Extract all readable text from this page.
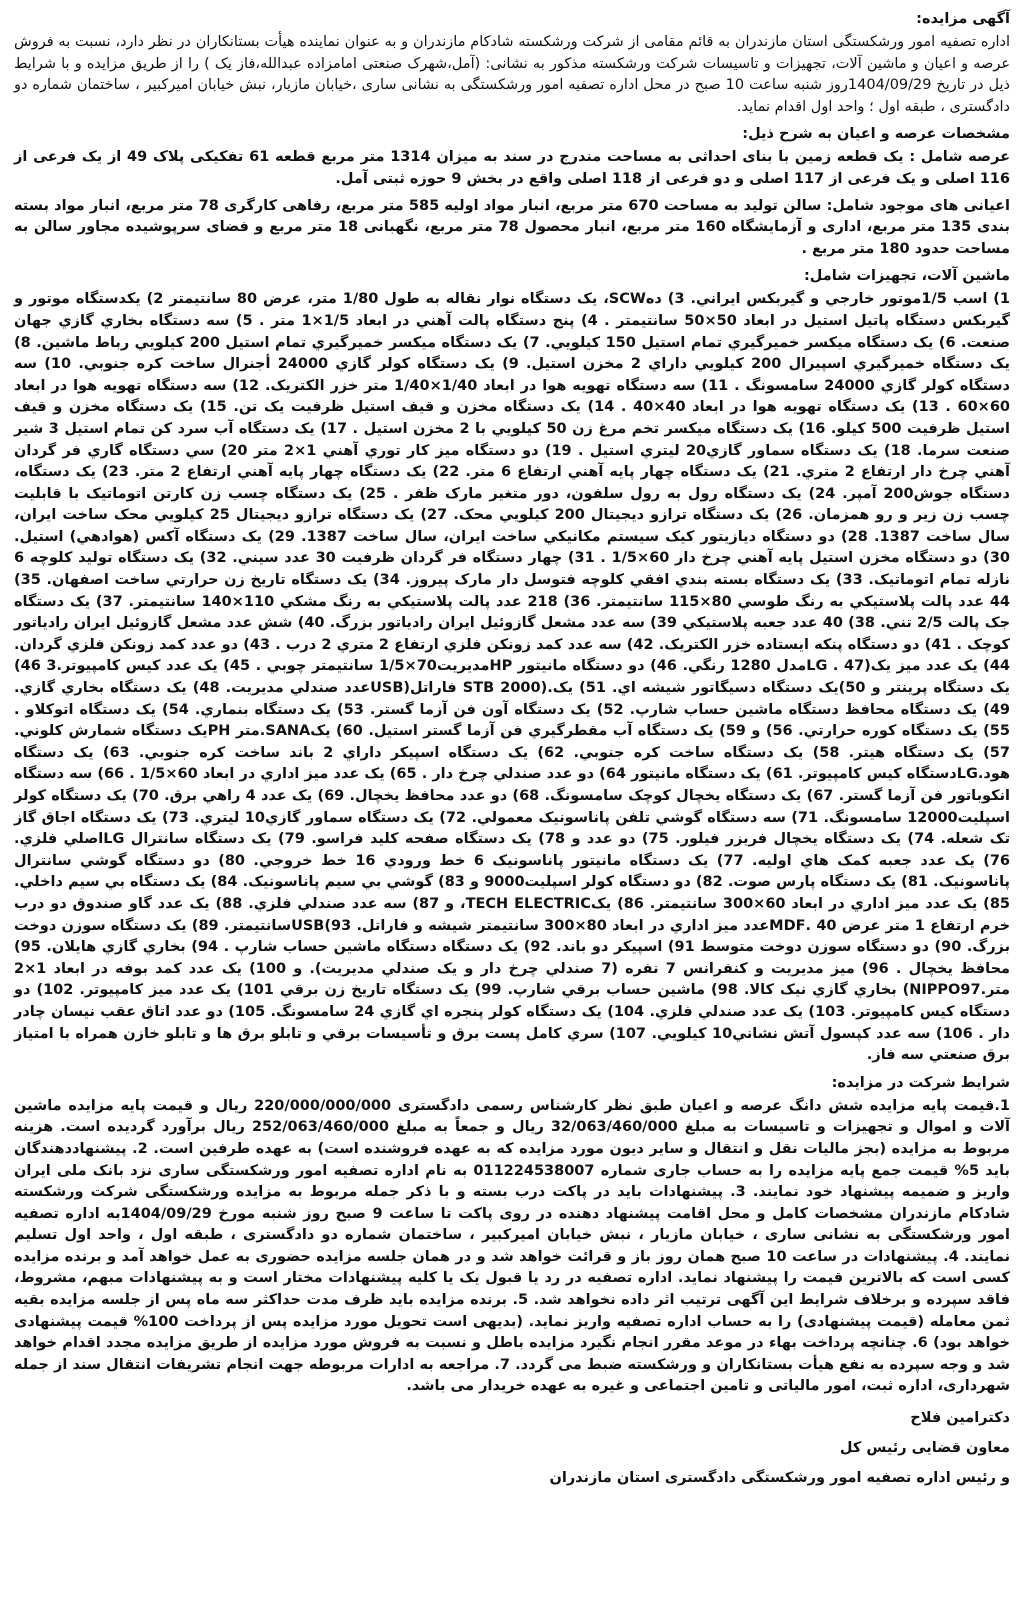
آگهی مزایده:

اداره تصفیه امور ورشکستگی استان مازندران به قائم مقامی از شرکت ورشکسته شادکام مازندران و به عنوان نماینده هیأت بستانکاران در نظر دارد، نسبت به فروش عرصه و اعیان و ماشین آلات، تجهیزات و تاسیسات شرکت ورشکسته مذکور به نشانی: (آمل،شهرک صنعتی امامزاده عبدالله،فاز یک ) را از طریق مزایده و با شرایط ذیل در تاریخ 1404/09/29روز شنبه ساعت 10 صبح در محل اداره تصفیه امور ورشکستگی به نشانی ساری ،خیابان مازیار، نبش خیابان امیرکبیر ، ساختمان شماره دو دادگستری ، طبقه اول ؛ واحد اول اقدام نماید.

مشخصات عرصه و اعیان به شرح ذیل:

عرصه شامل : یک قطعه زمین با بنای احداثی به مساحت مندرج در سند به میزان 1314 متر مربع قطعه 61 تفکیکی پلاک 49 از یک فرعی از 116 اصلی و یک فرعی از 117 اصلی و دو فرعی از 118 اصلی واقع در بخش 9 حوزه ثبتی آمل.

اعیانی های موجود شامل: سالن تولید به مساحت 670 متر مربع، انبار مواد اولیه 585 متر مربع، رفاهی کارگری 78 متر مربع، انبار مواد بسته بندی 135 متر مربع، اداری و آزمایشگاه 160 متر مربع، انبار محصول 78 متر مربع، نگهبانی 18 متر مربع و فضای سرپوشیده مجاور سالن به مساحت حدود 180 متر مربع .

ماشین آلات، تجهیزات شامل:

1) اسب 1/5موتور خارجي و گيربکس ايراني. 3) دهSCW، يک دستگاه نوار نقاله به طول 1/80 متر، عرض 80 سانتيمتر 2) يکدستگاه موتور و گيربکس دستگاه پاتيل استيل در ابعاد 50×50 سانتيمتر . 4) پنج دستگاه پالت آهني در ابعاد 1/5×1 متر . 5) سه دستگاه بخاري گازي جهان صنعت. 6) يک دستگاه ميکسر خميرگيري تمام استيل 150 کيلويي. 7) يک دستگاه ميکسر خميرگيري تمام استيل 200 کيلويي رباط ماشين. 8) يک دستگاه خميرگيري اسپيرال 200 کيلويي داراي 2 مخزن استيل. 9) يک دستگاه کولر گازي 24000 أجنرال ساخت کره جنوبي. 10) سه دستگاه کولر گازي 24000 سامسونگ . 11) سه دستگاه تهويه هوا در ابعاد 1/40×1/40 متر خزر الکتريک. 12) سه دستگاه تهويه هوا در ابعاد 60×60 . 13) يک دستگاه تهويه هوا در ابعاد 40×40 . 14) يک دستگاه مخزن و قيف استيل ظرفيت يک تن. 15) يک دستگاه مخزن و قيف استيل ظرفيت 500 کيلو. 16) يک دستگاه ميکسر تخم مرغ زن 50 کيلويي با 2 مخزن استيل . 17) يک دستگاه آب سرد کن تمام استيل 3 شير صنعت سرما. 18) يک دستگاه سماور گازي20 ليتري استيل . 19) دو دستگاه ميز کار توري آهني 1×2 متر 20) سي دستگاه گاري فر گردان آهني چرخ دار ارتفاع 2 متري. 21) يک دستگاه چهار پايه آهني ارتفاع 6 متر. 22) يک دستگاه چهار پايه آهني ارتفاع 2 متر. 23) يک دستگاه، دستگاه جوش200 آمپر. 24) يک دستگاه رول به رول سلفون، دور متغير مارک ظفر . 25) يک دستگاه چسب زن کارتن اتوماتيک با قابليت چسب زن زير و رو همزمان. 26) يک دستگاه ترازو ديجيتال 200 کيلويي محک. 27) يک دستگاه ترازو ديجيتال 25 کيلويي محک ساخت ايران، سال ساخت 1387. 28) دو دستگاه ديازيتور کيک سيستم مکانيکي ساخت ايران، سال ساخت 1387. 29) يک دستگاه آکس (هوادهي) استيل. 30) دو دستگاه مخزن استيل پايه آهني چرخ دار 60×1/5 . 31) چهار دستگاه فر گردان ظرفيت 30 عدد سيني. 32) يک دستگاه توليد کلوچه 6 نازله تمام اتوماتيک. 33) يک دستگاه بسته بندي افقي کلوچه فتوسل دار مارک پيروز. 34) يک دستگاه تاريخ زن حرارتي ساخت اصفهان. 35) 44 عدد پالت پلاستيکي به رنگ طوسي 80×115 سانتيمتر. 36) 218 عدد پالت پلاستيکي به رنگ مشکي 110×140 سانتيمتر. 37) يک دستگاه جک پالت 2/5 تني. 38) 40 عدد جعبه پلاستيکي 39) سه عدد مشعل گازوئيل ايران رادياتور بزرگ. 40) شش عدد مشعل گازوئيل ايران رادياتور کوچک . 41) دو دستگاه پنکه ايستاده خزر الکتريک. 42) سه عدد کمد زونکن فلزي ارتفاع 2 متري 2 درب . 43) دو عدد کمد زونکن فلزي گردان. 44) يک عدد ميز يک(47 . LGمدل 1280 رنگي. 46) دو دستگاه مانيتور HPمديريت70×1/5 سانتيمتر چوبي . 45) يک عدد کيس کامپيوتر.3 46) يک دستگاه پرينتر و 50)يک دستگاه دسيگاتور شيشه اي. 51) يک.(STB 2000 فاراتل(USBعدد صندلي مديريت. 48) يک دستگاه بخاري گازي. 49) يک دستگاه محافظ دستگاه ماشين حساب شارپ. 52) يک دستگاه آون فن آزما گستر. 53) يک دستگاه بنماري. 54) يک دستگاه اتوکلاو . 55) يک دستگاه کوره حرارتي. 56) و 59) يک دستگاه آب مقطرگيري فن آزما گستر استيل. 60) يکSANA.متر PHيک دستگاه شمارش کلوني. 57) يک دستگاه هيتر. 58) يک دستگاه ساخت کره جنوبي. 62) يک دستگاه اسپيکر داراي 2 باند ساخت کره جنوبي. 63) يک دستگاه هود.LGدستگاه کيس کامپيوتر. 61) يک دستگاه مانيتور 64) دو عدد صندلي چرخ دار . 65) يک عدد ميز اداري در ابعاد 60×1/5 . 66) سه دستگاه انکوباتور فن آزما گستر. 67) يک دستگاه يخچال کوچک سامسونگ. 68) دو عدد محافظ يخچال. 69) يک عدد 4 راهي برق. 70) يک دستگاه کولر اسپليت12000 سامسونگ. 71) سه دستگاه گوشي تلفن پاناسونيک معمولي. 72) يک دستگاه سماور گازي10 ليتري. 73) يک دستگاه اجاق گاز تک شعله. 74) يک دستگاه يخچال فريزر فيلور. 75) دو عدد و 78) يک دستگاه صفحه کليد فراسو. 79) يک دستگاه سانترال LGاصلي فلزي. 76) يک عدد جعبه کمک هاي اوليه. 77) يک دستگاه مانيتور پاناسونيک 6 خط ورودي 16 خط خروجي. 80) دو دستگاه گوشي سانترال پاناسونيک. 81) يک دستگاه پارس صوت. 82) دو دستگاه کولر اسپليت9000 و 83) گوشي بي سيم پاناسونيک. 84) يک دستگاه بي سيم داخلي. 85) يک عدد ميز اداري در ابعاد 60×300 سانتيمتر. 86) يکTECH ELECTRIC، و 87) سه عدد صندلي فلزي. 88) يک عدد گاو صندوق دو درب خرم ارتفاع 1 متر عرض 40 .MDFعدد ميز اداري در ابعاد 80×300 سانتيمتر شيشه و فاراتل. 93)USBسانتيمتر. 89) يک دستگاه سوزن دوخت بزرگ. 90) دو دستگاه سوزن دوخت متوسط 91) اسپيکر دو باند. 92) يک دستگاه دستگاه ماشين حساب شارپ . 94) بخاري گازي هايلان. 95) محافظ يخچال . 96) ميز مديريت و کنفرانس 7 نفره (7 صندلي چرخ دار و يک صندلي مديريت). و 100) يک عدد کمد بوفه در ابعاد 1×2 متر.NIPPO97) بخاري گازي نيک کالا. 98) ماشين حساب برقي شارپ. 99) يک دستگاه تاريخ زن برقي 101) يک عدد ميز کامپيوتر. 102) دو دستگاه کيس کامپيوتر. 103) يک عدد صندلي فلزي. 104) يک دستگاه کولر پنجره اي گازي 24 سامسونگ. 105) دو عدد اتاق عقب نيسان چادر دار . 106) سه عدد کپسول آتش نشاني10 کيلويي. 107) سري کامل پست برق و تأسيسات برقي و تابلو برق ها و تابلو خازن همراه با امتياز برق صنعتي سه فاز.

شرایط شرکت در مزایده:

1.قیمت پایه مزایده شش دانگ عرصه و اعیان طبق نظر کارشناس رسمی دادگستری 220/000/000/000 ریال و قیمت پایه مزایده ماشین آلات و اموال و تجهیزات و تاسیسات به مبلغ 32/063/460/000 ریال و جمعاً به مبلغ 252/063/460/000 ریال برآورد گردیده است. هزینه مربوط به مزایده (بجز مالیات نقل و انتقال و سایر دیون مورد مزایده که به عهده فروشنده است) به عهده طرفین است. 2. پیشنهاددهندگان باید 5% قیمت جمع پایه مزایده را به حساب جاری شماره 011224538007 به نام اداره تصفیه امور ورشکستگی ساری نزد بانک ملی ایران واریز و ضمیمه پیشنهاد خود نمایند. 3. پیشنهادات باید در پاکت درب بسته و با ذکر جمله مربوط به مزایده ورشکستگی شرکت ورشکسته شادکام مازندران مشخصات کامل و محل اقامت پیشنهاد دهنده در روی پاکت تا ساعت 9 صبح روز شنبه مورخ 1404/09/29به اداره تصفیه امور ورشکستگی به نشانی ساری ، خیابان مازیار ، نبش خیابان امیرکبیر ، ساختمان شماره دو دادگستری ، طبقه اول ، واحد اول تسلیم نمایند. 4. پیشنهادات در ساعت 10 صبح همان روز باز و قرائت خواهد شد و در همان جلسه مزایده حضوری به عمل خواهد آمد و برنده مزایده کسی است که بالاترین قیمت را پیشنهاد نماید. اداره تصفیه در رد یا قبول یک یا کلیه پیشنهادات مختار است و به پیشنهادات مبهم، مشروط، فاقد سپرده و برخلاف شرایط این آگهی ترتیب اثر داده نخواهد شد. 5. برنده مزایده باید ظرف مدت حداکثر سه ماه پس از جلسه مزایده بقیه ثمن معامله (قیمت پیشنهادی) را به حساب اداره تصفیه واریز نماید. (بدیهی است تحویل مورد مزایده پس از پرداخت 100% قیمت پیشنهادی خواهد بود) 6. چنانچه پرداخت بهاء در موعد مقرر انجام نگیرد مزایده باطل و نسبت به فروش مورد مزایده از طریق مزایده مجدد اقدام خواهد شد و وجه سپرده به نفع هیأت بستانکاران و ورشکسته ضبط می گردد. 7. مراجعه به ادارات مربوطه جهت انجام تشریفات انتقال سند از جمله شهرداری، اداره ثبت، امور مالیاتی و تامین اجتماعی و غیره به عهده خریدار می باشد.

دکترامین فلاح
معاون قضایی رئیس کل
و رئیس اداره تصفیه امور ورشکستگی دادگستری استان مازندران
